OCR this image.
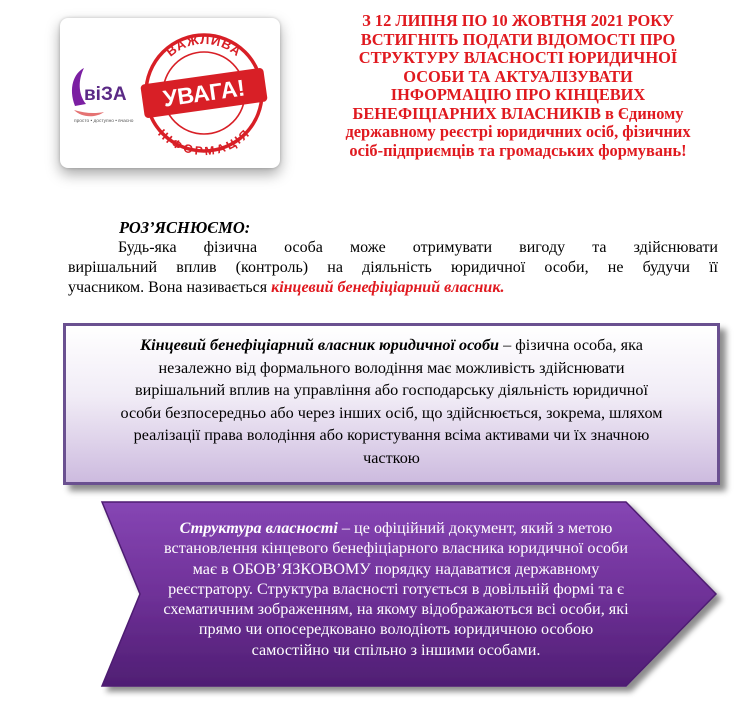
віЗА
просто • доступно • вчасно
ВАЖЛИВА
ІНФОРМАЦІЯ
УВАГА!
З 12 ЛИПНЯ ПО 10 ЖОВТНЯ 2021 РОКУ
ВСТИГНІТЬ ПОДАТИ ВІДОМОСТІ ПРО
СТРУКТУРУ ВЛАСНОСТІ ЮРИДИЧНОЇ
ОСОБИ ТА АКТУАЛІЗУВАТИ
ІНФОРМАЦІЮ ПРО КІНЦЕВИХ
БЕНЕФІЦІАРНИХ ВЛАСНИКІВ в Єдиному
державному реєстрі юридичних осіб, фізичних
осіб-підприємців та громадських формувань!
РОЗ’ЯСНЮЄМО:
Будь-яка фізична особа може отримувати вигоду та здійснювати
вирішальний вплив (контроль) на діяльність юридичної особи, не будучи її
учасником. Вона називається кінцевий бенефіціарний власник.
Кінцевий бенефіціарний власник юридичної особи – фізична особа, яка
незалежно від формального володіння має можливість здійснювати
вирішальний вплив на управління або господарську діяльність юридичної
особи безпосередньо або через інших осіб, що здійснюється, зокрема, шляхом
реалізації права володіння або користування всіма активами чи їх значною
часткою
Структура власності – це офіційний документ, який з метою
встановлення кінцевого бенефіціарного власника юридичної особи
має в ОБОВ’ЯЗКОВОМУ порядку надаватися державному
реєстратору. Структура власності готується в довільній формі та є
схематичним зображенням, на якому відображаються всі особи, які
прямо чи опосередковано володіють юридичною особою
самостійно чи спільно з іншими особами.
